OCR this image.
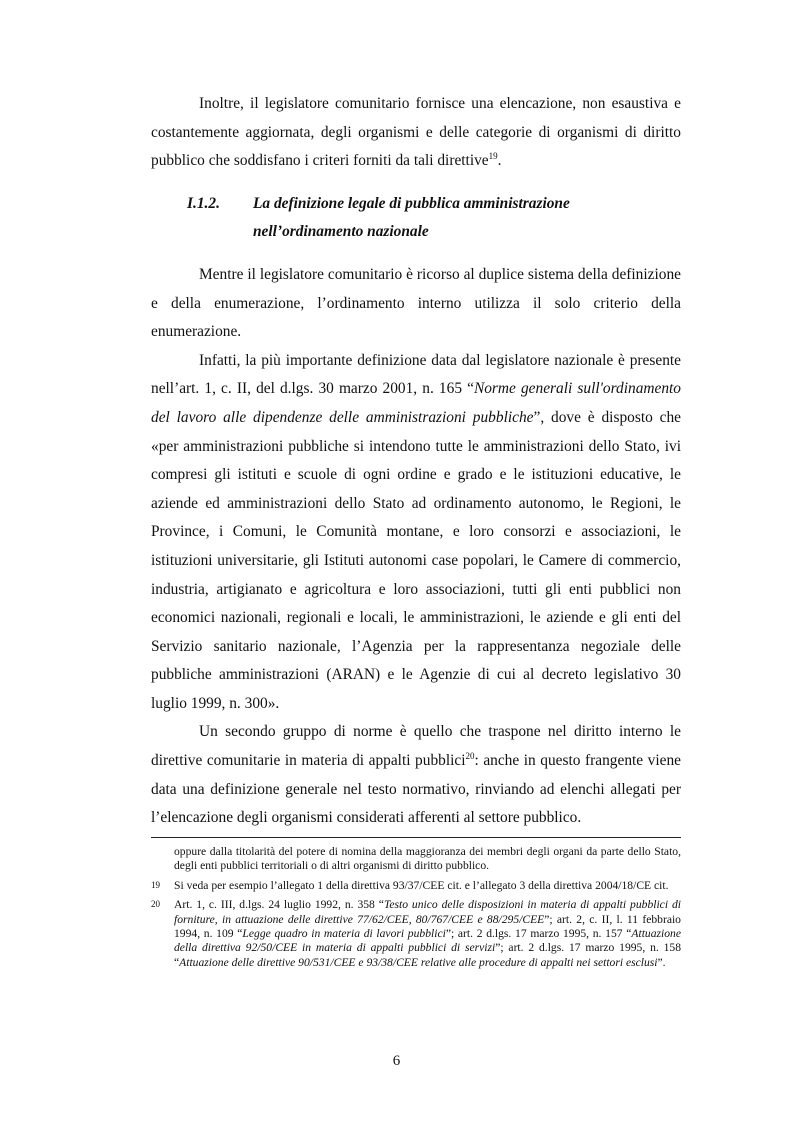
Inoltre, il legislatore comunitario fornisce una elencazione, non esaustiva e costantemente aggiornata, degli organismi e delle categorie di organismi di diritto pubblico che soddisfano i criteri forniti da tali direttive$^{19}$.

I.1.2.	La definizione legale di pubblica amministrazione
nell’ordinamento nazionale

Mentre il legislatore comunitario è ricorso al duplice sistema della definizione e della enumerazione, l’ordinamento interno utilizza il solo criterio della enumerazione.

Infatti, la più importante definizione data dal legislatore nazionale è presente nell’art. 1, c. II, del d.lgs. 30 marzo 2001, n. 165 “Norme generali sull'ordinamento del lavoro alle dipendenze delle amministrazioni pubbliche”, dove è disposto che «per amministrazioni pubbliche si intendono tutte le amministrazioni dello Stato, ivi compresi gli istituti e scuole di ogni ordine e grado e le istituzioni educative, le aziende ed amministrazioni dello Stato ad ordinamento autonomo, le Regioni, le Province, i Comuni, le Comunità montane, e loro consorzi e associazioni, le istituzioni universitarie, gli Istituti autonomi case popolari, le Camere di commercio, industria, artigianato e agricoltura e loro associazioni, tutti gli enti pubblici non economici nazionali, regionali e locali, le amministrazioni, le aziende e gli enti del Servizio sanitario nazionale, l’Agenzia per la rappresentanza negoziale delle pubbliche amministrazioni (ARAN) e le Agenzie di cui al decreto legislativo 30 luglio 1999, n. 300».

Un secondo gruppo di norme è quello che traspone nel diritto interno le direttive comunitarie in materia di appalti pubblici$^{20}$: anche in questo frangente viene data una definizione generale nel testo normativo, rinviando ad elenchi allegati per l’elencazione degli organismi considerati afferenti al settore pubblico.

oppure dalla titolarità del potere di nomina della maggioranza dei membri degli organi da parte dello Stato, degli enti pubblici territoriali o di altri organismi di diritto pubblico.
19	Si veda per esempio l’allegato 1 della direttiva 93/37/CEE cit. e l’allegato 3 della direttiva 2004/18/CE cit.
20	Art. 1, c. III, d.lgs. 24 luglio 1992, n. 358 “Testo unico delle disposizioni in materia di appalti pubblici di forniture, in attuazione delle direttive 77/62/CEE, 80/767/CEE e 88/295/CEE”; art. 2, c. II, l. 11 febbraio 1994, n. 109 “Legge quadro in materia di lavori pubblici”; art. 2 d.lgs. 17 marzo 1995, n. 157 “Attuazione della direttiva 92/50/CEE in materia di appalti pubblici di servizi”; art. 2 d.lgs. 17 marzo 1995, n. 158 “Attuazione delle direttive 90/531/CEE e 93/38/CEE relative alle procedure di appalti nei settori esclusi”.
6
